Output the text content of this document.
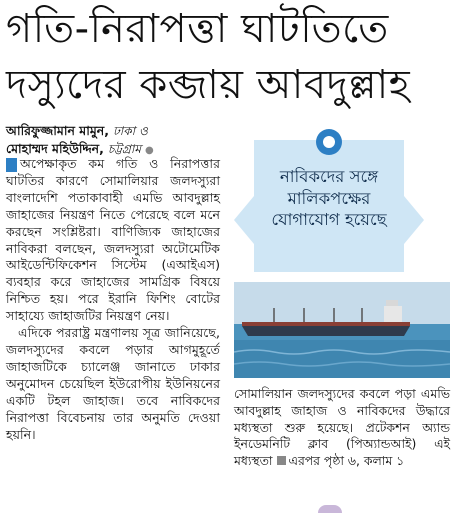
গতি-নিরাপত্তা ঘাটতিতে
দস্যুদের কব্জায় আবদুল্লাহ
আরিফুজ্জামান মামুন, ঢাকা ও
মোহাম্মদ মহিউদ্দিন, চট্টগ্রাম ●

অপেক্ষাকৃত কম গতি ও নিরাপত্তার ঘাটতির কারণে সোমালিয়ার জলদস্যুরা বাংলাদেশি পতাকাবাহী এমভি আবদুল্লাহ জাহাজের নিয়ন্ত্রণ নিতে পেরেছে বলে মনে করছেন সংশ্লিষ্টরা। বাণিজ্যিক জাহাজের নাবিকরা বলছেন, জলদস্যুরা অটোমেটিক আইডেন্টিফিকেশন সিস্টেম (এআইএস) ব্যবহার করে জাহাজের সামগ্রিক বিষয়ে নিশ্চিত হয়। পরে ইরানি ফিশিং বোটের সাহায্যে জাহাজটির নিয়ন্ত্রণ নেয়।

এদিকে পররাষ্ট্র মন্ত্রণালয় সূত্র জানিয়েছে, জলদস্যুদের কবলে পড়ার আগমুহূর্তে জাহাজটিকে চ্যালেঞ্জ জানাতে ঢাকার অনুমোদন চেয়েছিল ইউরোপীয় ইউনিয়নের একটি টহল জাহাজ। তবে নাবিকদের নিরাপত্তা বিবেচনায় তার অনুমতি দেওয়া হয়নি।

নাবিকদের সঙ্গে মালিকপক্ষের যোগাযোগ হয়েছে
সোমালিয়ান জলদস্যুদের কবলে পড়া এমভি আবদুল্লাহ জাহাজ ও নাবিকদের উদ্ধারে মধ্যস্থতা শুরু হয়েছে। প্রটেকশন অ্যান্ড ইনডেমনিটি ক্লাব (পিঅ্যান্ডআই) এই মধ্যস্থতা এরপর পৃষ্ঠা ৬, কলাম ১
